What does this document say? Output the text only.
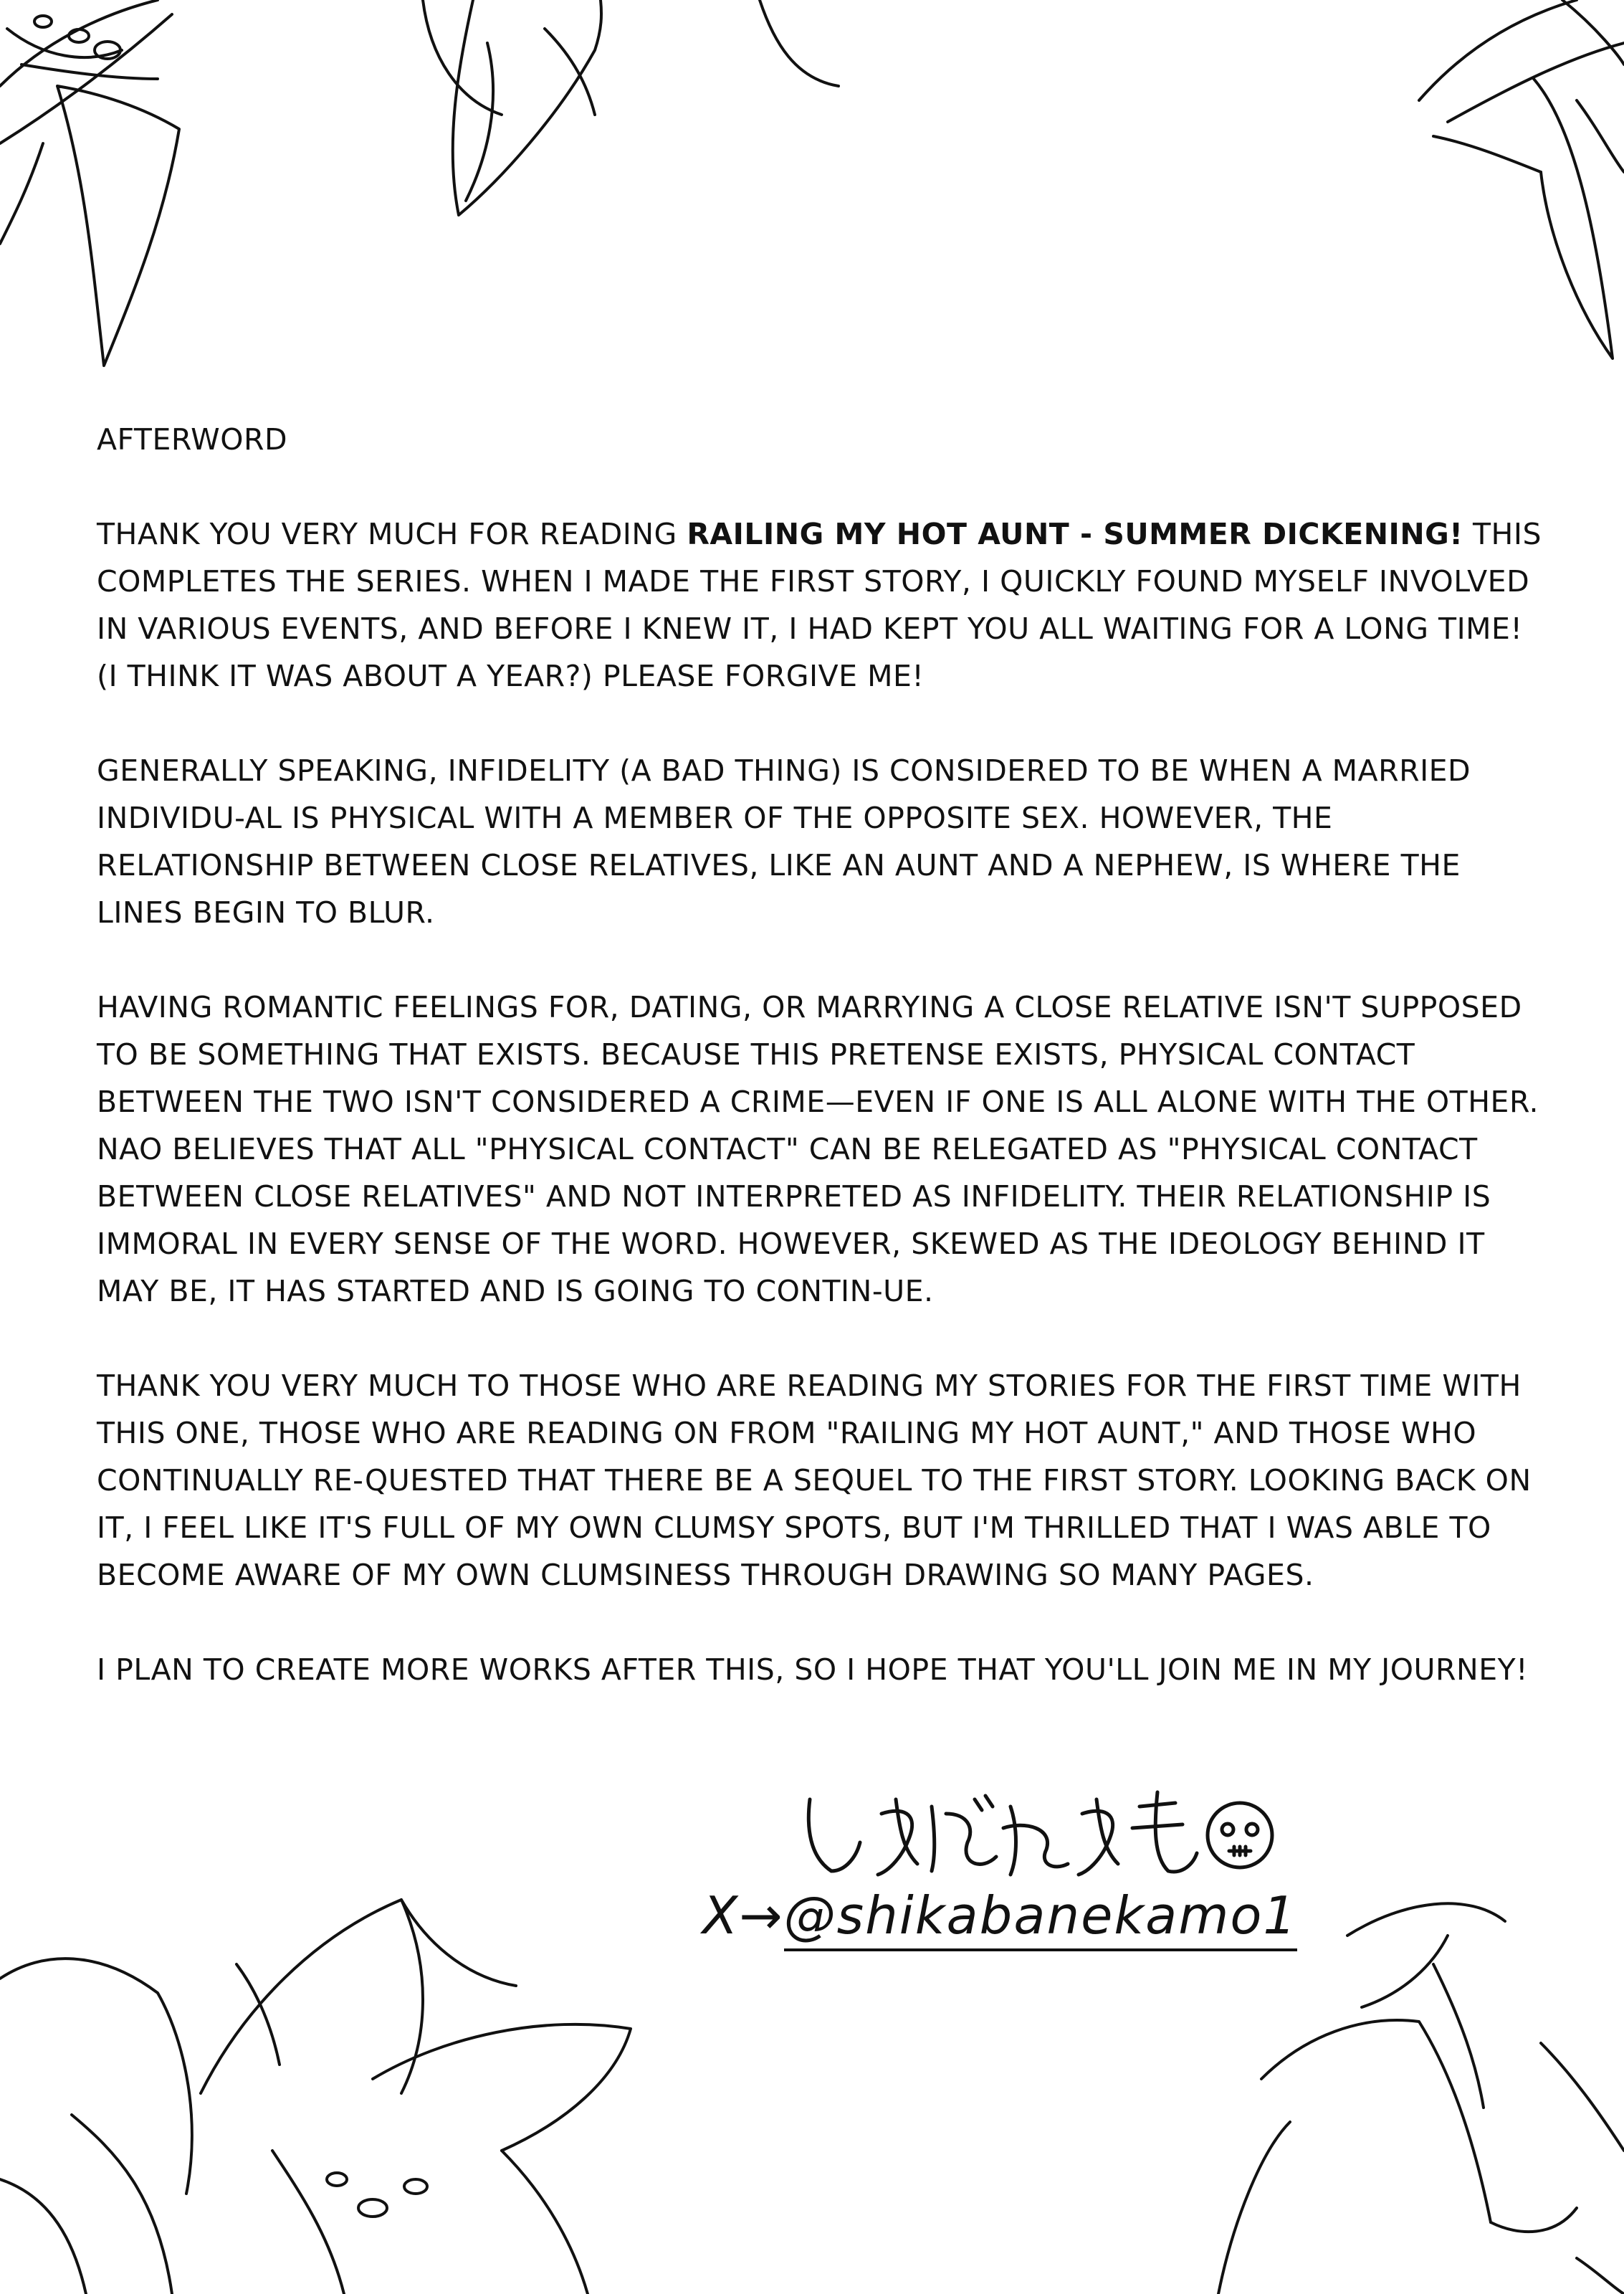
AFTERWORD

THANK YOU VERY MUCH FOR READING RAILING MY HOT AUNT - SUMMER DICKENING! THIS COMPLETES THE SERIES. WHEN I MADE THE FIRST STORY, I QUICKLY FOUND MYSELF INVOLVED IN VARIOUS EVENTS, AND BEFORE I KNEW IT, I HAD KEPT YOU ALL WAITING FOR A LONG TIME! (I THINK IT WAS ABOUT A YEAR?) PLEASE FORGIVE ME!

GENERALLY SPEAKING, INFIDELITY (A BAD THING) IS CONSIDERED TO BE WHEN A MARRIED INDIVIDU-AL IS PHYSICAL WITH A MEMBER OF THE OPPOSITE SEX. HOWEVER, THE RELATIONSHIP BETWEEN CLOSE RELATIVES, LIKE AN AUNT AND A NEPHEW, IS WHERE THE LINES BEGIN TO BLUR.

HAVING ROMANTIC FEELINGS FOR, DATING, OR MARRYING A CLOSE RELATIVE ISN'T SUPPOSED TO BE SOMETHING THAT EXISTS. BECAUSE THIS PRETENSE EXISTS, PHYSICAL CONTACT BETWEEN THE TWO ISN'T CONSIDERED A CRIME—EVEN IF ONE IS ALL ALONE WITH THE OTHER. NAO BELIEVES THAT ALL "PHYSICAL CONTACT" CAN BE RELEGATED AS "PHYSICAL CONTACT BETWEEN CLOSE RELATIVES" AND NOT INTERPRETED AS INFIDELITY. THEIR RELATIONSHIP IS IMMORAL IN EVERY SENSE OF THE WORD. HOWEVER, SKEWED AS THE IDEOLOGY BEHIND IT MAY BE, IT HAS STARTED AND IS GOING TO CONTIN-UE.

THANK YOU VERY MUCH TO THOSE WHO ARE READING MY STORIES FOR THE FIRST TIME WITH THIS ONE, THOSE WHO ARE READING ON FROM "RAILING MY HOT AUNT," AND THOSE WHO CONTINUALLY RE-QUESTED THAT THERE BE A SEQUEL TO THE FIRST STORY. LOOKING BACK ON IT, I FEEL LIKE IT'S FULL OF MY OWN CLUMSY SPOTS, BUT I'M THRILLED THAT I WAS ABLE TO BECOME AWARE OF MY OWN CLUMSINESS THROUGH DRAWING SO MANY PAGES.

I PLAN TO CREATE MORE WORKS AFTER THIS, SO I HOPE THAT YOU'LL JOIN ME IN MY JOURNEY!

X→@shikabanekamo1
